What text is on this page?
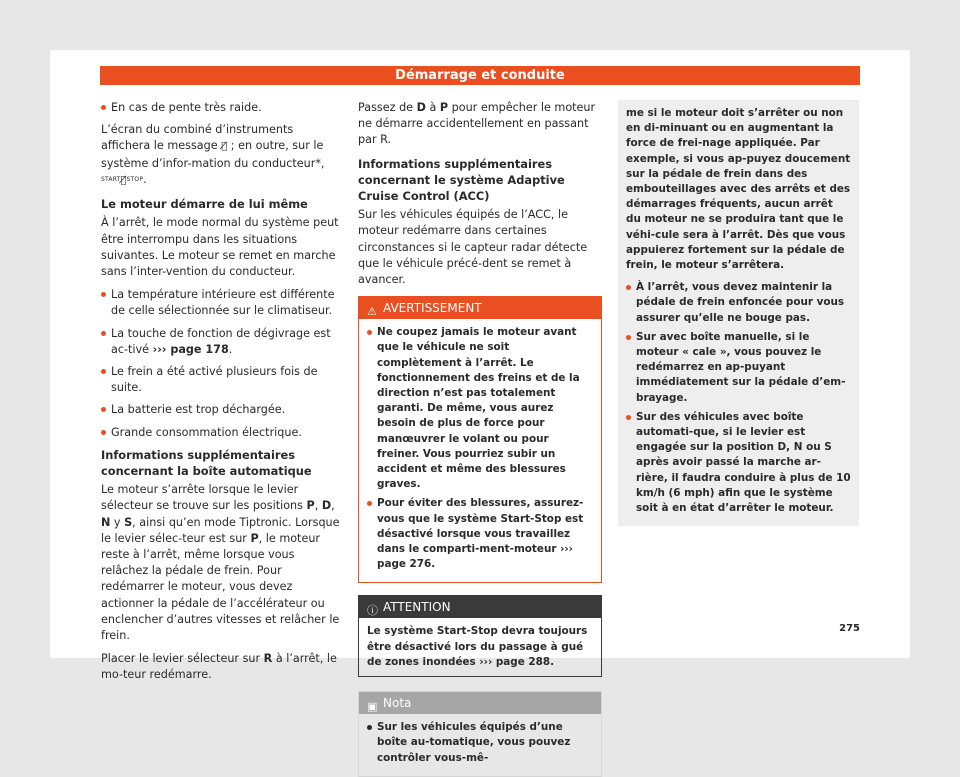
Démarrage et conduite
En cas de pente très raide.

L’écran du combiné d’instruments affichera le message Ⓐ̸ ; en outre, sur le système d’infor-mation du conducteur*, STARTⒶ̸STOP.

Le moteur démarre de lui même

À l’arrêt, le mode normal du système peut être interrompu dans les situations suivantes. Le moteur se remet en marche sans l’inter-vention du conducteur.

La température intérieure est différente de celle sélectionnée sur le climatiseur.
La touche de fonction de dégivrage est ac-tivé ››› page 178.
Le frein a été activé plusieurs fois de suite.
La batterie est trop déchargée.
Grande consommation électrique.
Informations supplémentaires concernant la boîte automatique

Le moteur s’arrête lorsque le levier sélecteur se trouve sur les positions P, D, N y S, ainsi qu’en mode Tiptronic. Lorsque le levier sélec-teur est sur P, le moteur reste à l’arrêt, même lorsque vous relâchez la pédale de frein. Pour redémarrer le moteur, vous devez actionner la pédale de l’accélérateur ou enclencher d’autres vitesses et relâcher le frein.

Placer le levier sélecteur sur R à l’arrêt, le mo-teur redémarre.

Passez de D à P pour empêcher le moteur ne démarre accidentellement en passant par R.

Informations supplémentaires concernant le système Adaptive Cruise Control (ACC)

Sur les véhicules équipés de l’ACC, le moteur redémarre dans certaines circonstances si le capteur radar détecte que le véhicule précé-dent se remet à avancer.

⚠ AVERTISSEMENT
Ne coupez jamais le moteur avant que le véhicule ne soit complètement à l’arrêt. Le fonctionnement des freins et de la direction n’est pas totalement garanti. De même, vous aurez besoin de plus de force pour manœuvrer le volant ou pour freiner. Vous pourriez subir un accident et même des blessures graves.
Pour éviter des blessures, assurez-vous que le système Start-Stop est désactivé lorsque vous travaillez dans le comparti-ment-moteur ››› page 276.
ⓘ ATTENTION
Le système Start-Stop devra toujours être désactivé lors du passage à gué de zones inondées ››› page 288.
▣ Nota
Sur les véhicules équipés d’une boîte au-tomatique, vous pouvez contrôler vous-mê-

me si le moteur doit s’arrêter ou non en di-minuant ou en augmentant la force de frei-nage appliquée. Par exemple, si vous ap-puyez doucement sur la pédale de frein dans des embouteillages avec des arrêts et des démarrages fréquents, aucun arrêt du moteur ne se produira tant que le véhi-cule sera à l’arrêt. Dès que vous appuierez fortement sur la pédale de frein, le moteur s’arrêtera.

À l’arrêt, vous devez maintenir la pédale de frein enfoncée pour vous assurer qu’elle ne bouge pas.
Sur avec boîte manuelle, si le moteur « cale », vous pouvez le redémarrez en ap-puyant immédiatement sur la pédale d’em-brayage.
Sur des véhicules avec boîte automati-que, si le levier est engagée sur la position D, N ou S après avoir passé la marche ar-rière, il faudra conduire à plus de 10 km/h (6 mph) afin que le système soit à en état d’arrêter le moteur.
275
